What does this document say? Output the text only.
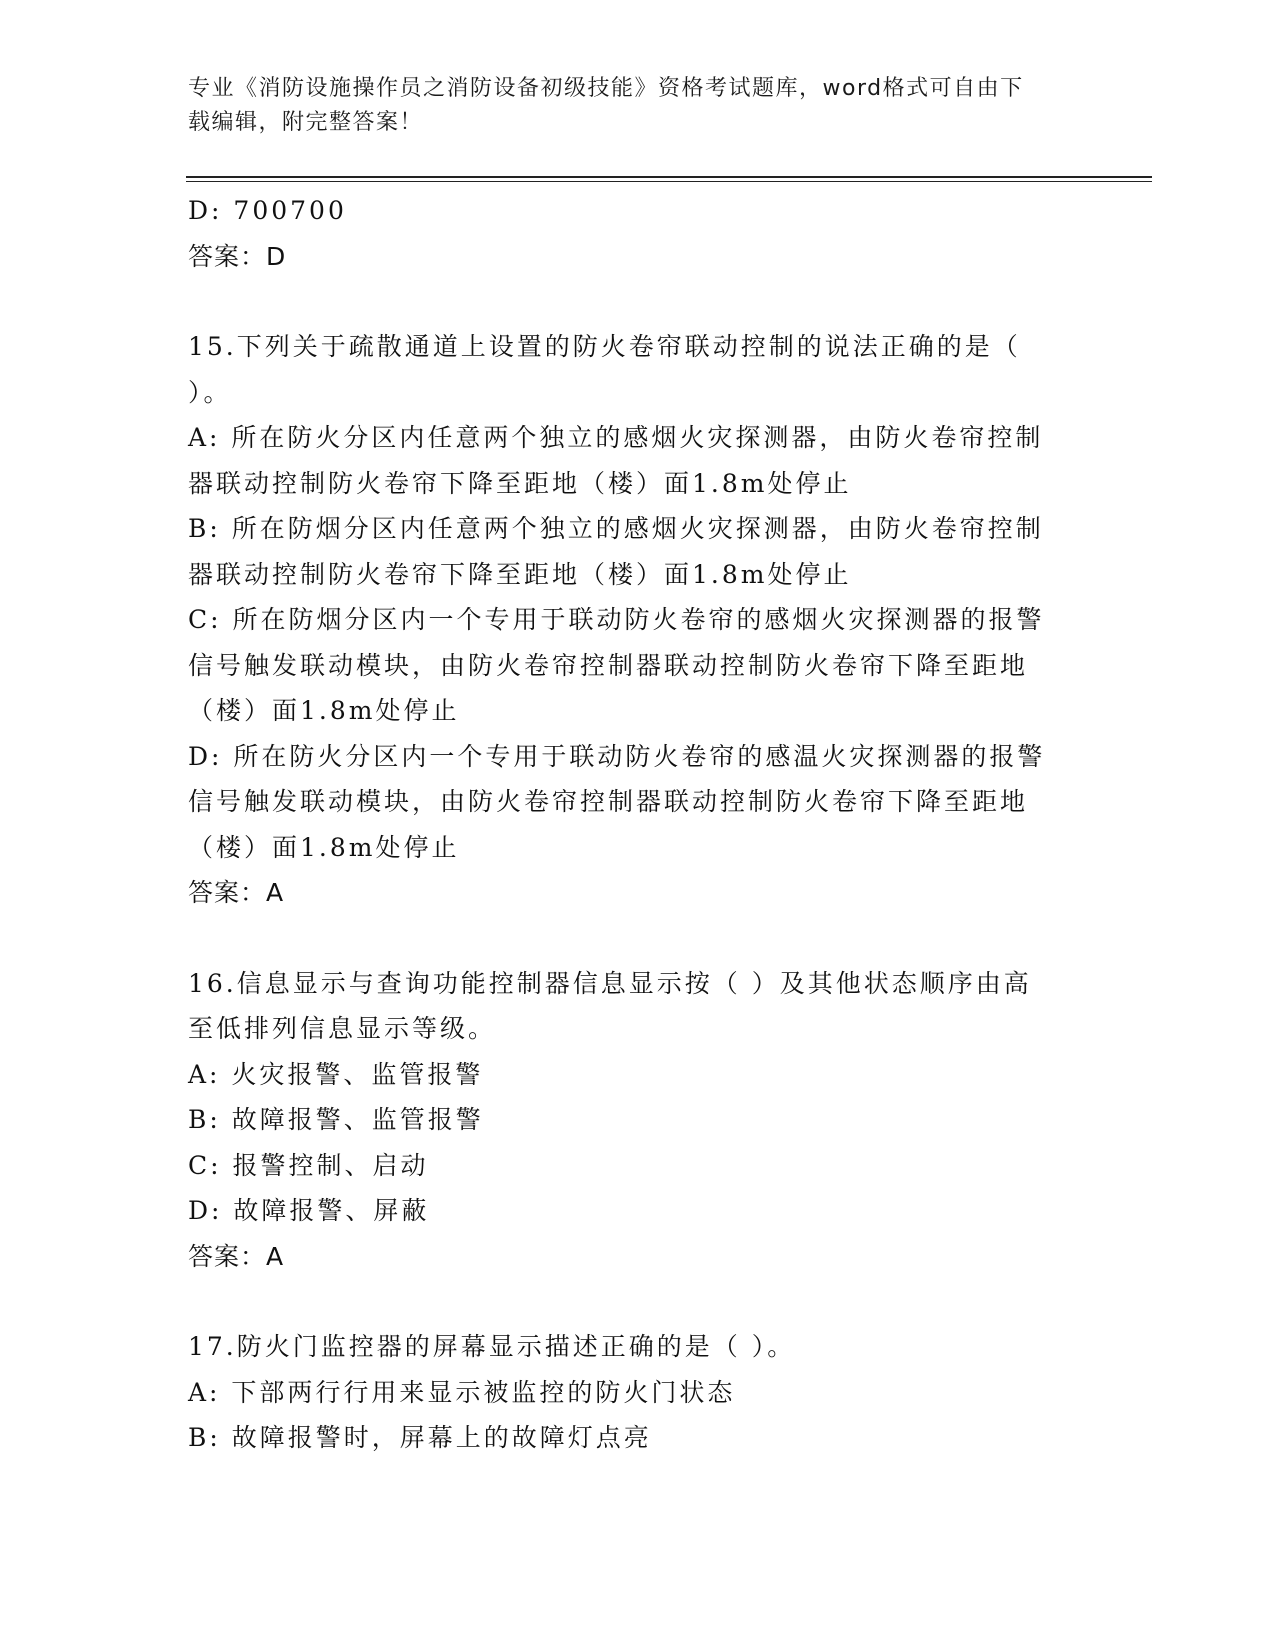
专业《消防设施操作员之消防设备初级技能》资格考试题库，word格式可自由下
载编辑，附完整答案！
D: 700700
答案：D
15.下列关于疏散通道上设置的防火卷帘联动控制的说法正确的是（
）。
A: 所在防火分区内任意两个独立的感烟火灾探测器，由防火卷帘控制
器联动控制防火卷帘下降至距地（楼）面1.8m处停止
B: 所在防烟分区内任意两个独立的感烟火灾探测器，由防火卷帘控制
器联动控制防火卷帘下降至距地（楼）面1.8m处停止
C: 所在防烟分区内一个专用于联动防火卷帘的感烟火灾探测器的报警
信号触发联动模块，由防火卷帘控制器联动控制防火卷帘下降至距地
（楼）面1.8m处停止
D: 所在防火分区内一个专用于联动防火卷帘的感温火灾探测器的报警
信号触发联动模块，由防火卷帘控制器联动控制防火卷帘下降至距地
（楼）面1.8m处停止
答案：A
16.信息显示与查询功能控制器信息显示按（ ）及其他状态顺序由高
至低排列信息显示等级。
A: 火灾报警、监管报警
B: 故障报警、监管报警
C: 报警控制、启动
D: 故障报警、屏蔽
答案：A
17.防火门监控器的屏幕显示描述正确的是（ ）。
A: 下部两行行用来显示被监控的防火门状态
B: 故障报警时，屏幕上的故障灯点亮
